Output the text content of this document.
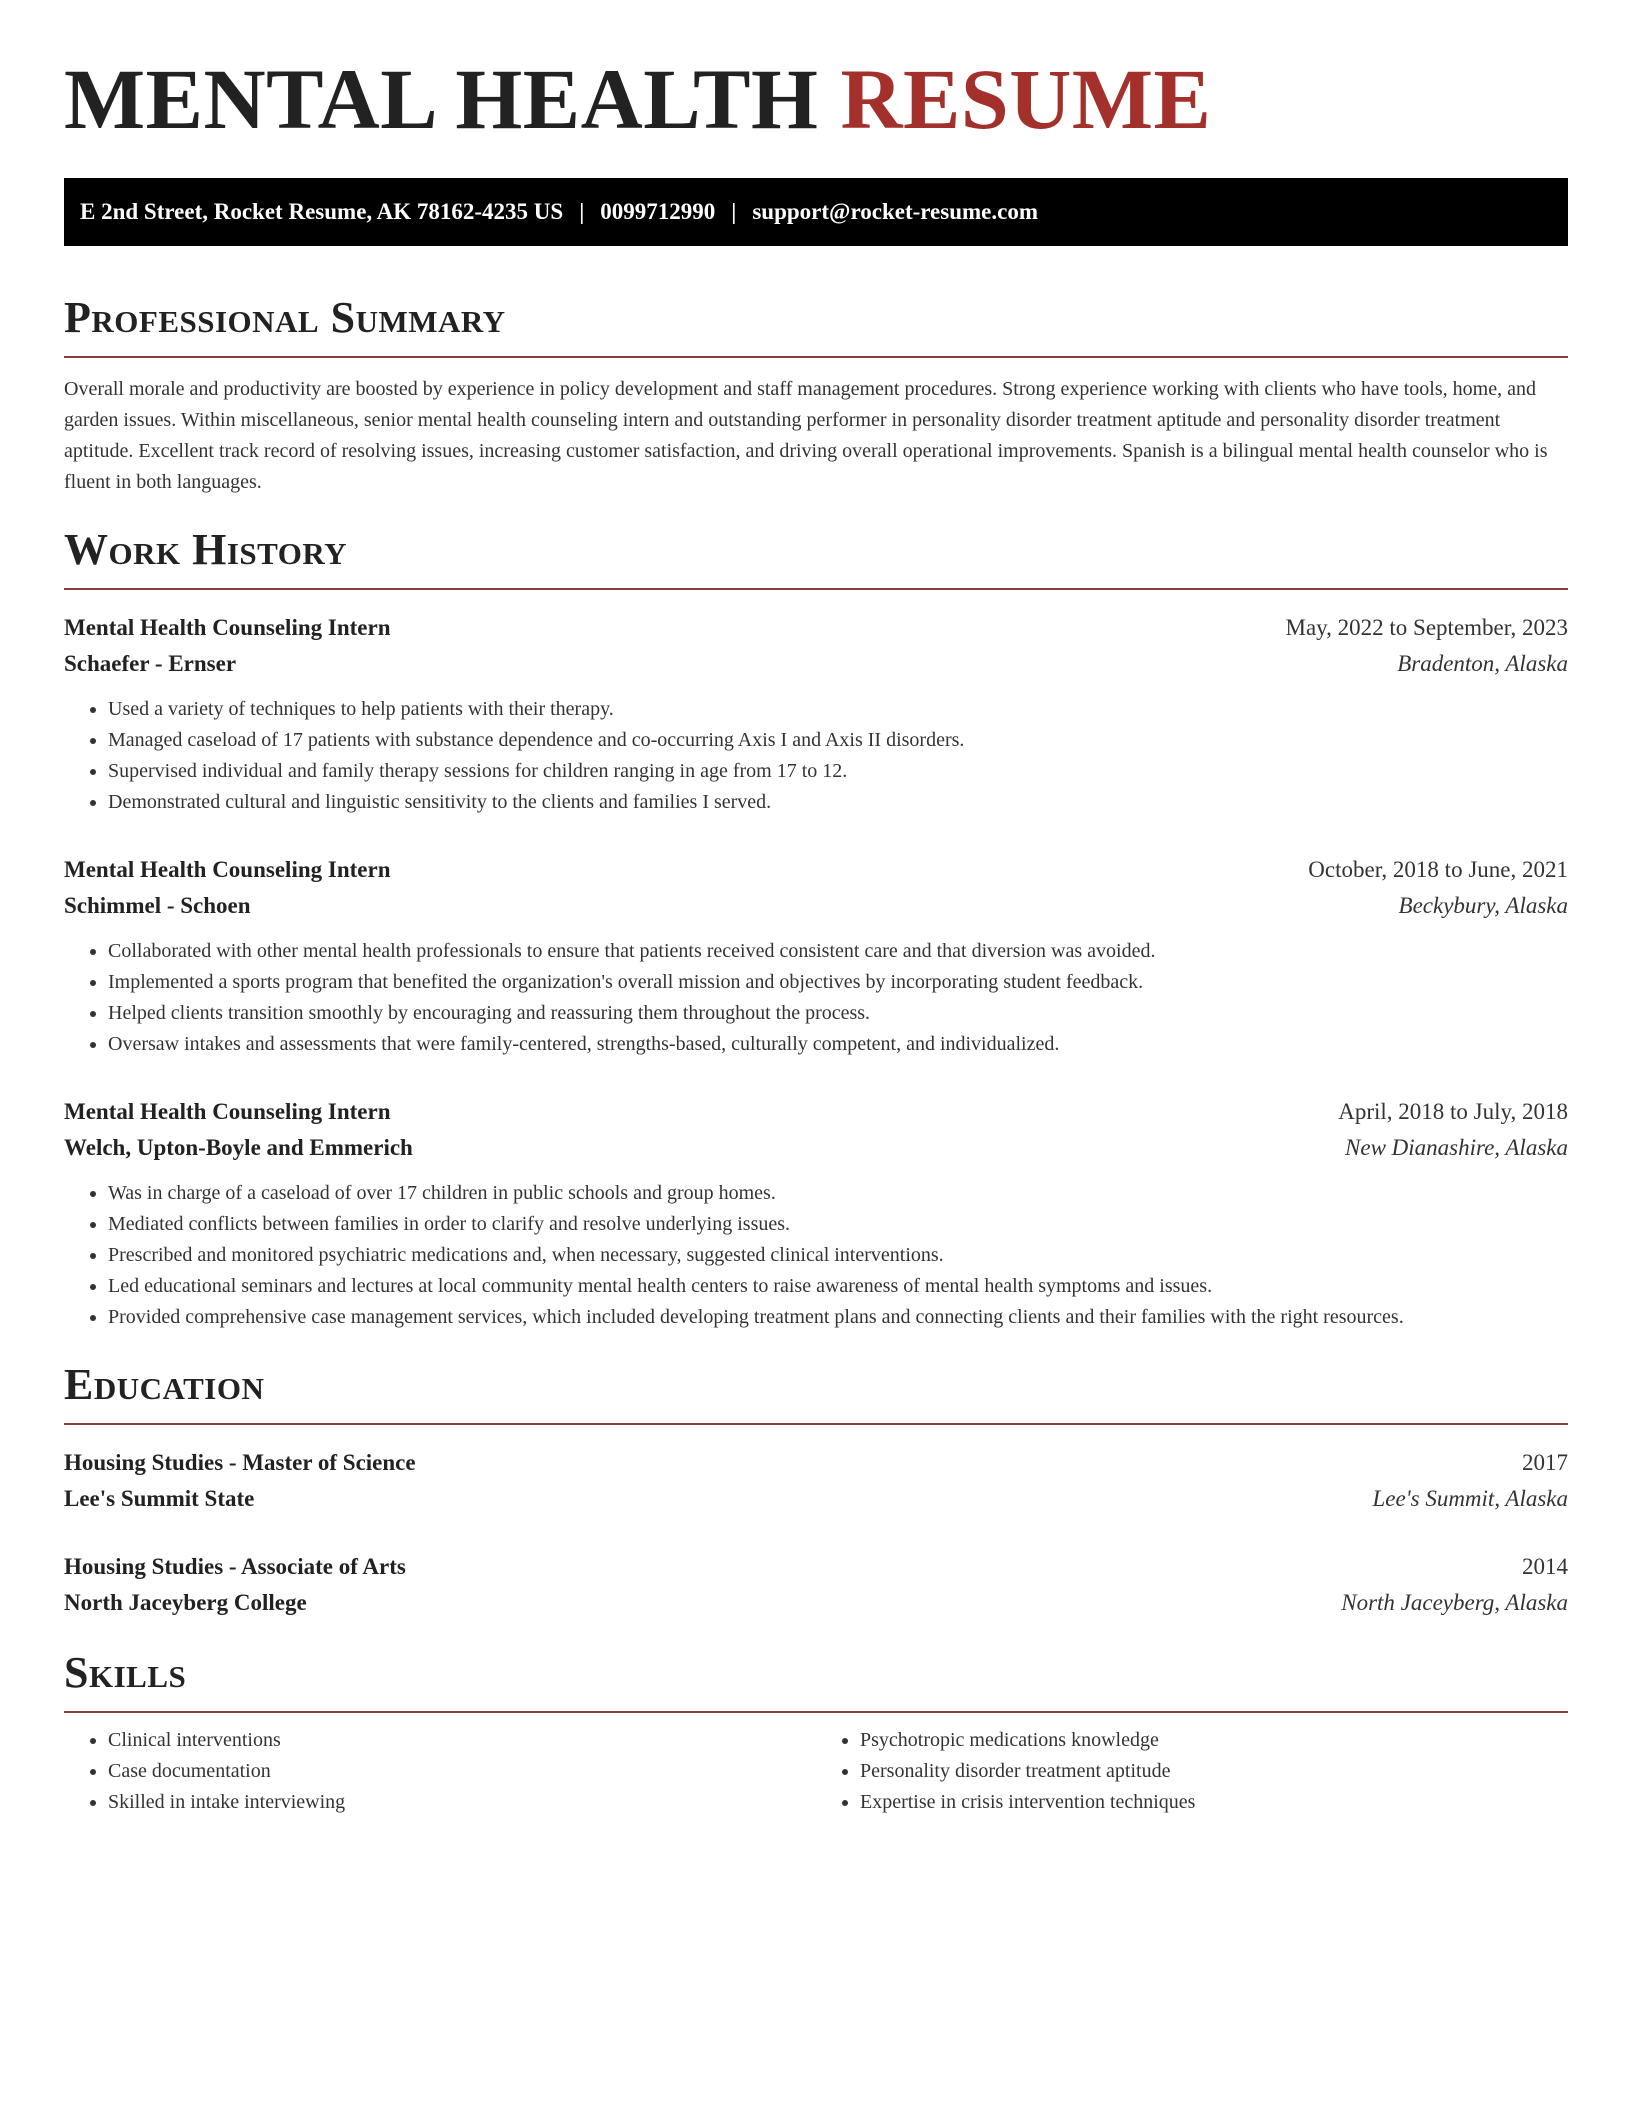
MENTAL HEALTH RESUME
E 2nd Street, Rocket Resume, AK 78162-4235 US | 0099712990 | support@rocket-resume.com
Professional Summary

Overall morale and productivity are boosted by experience in policy development and staff management procedures. Strong experience working with clients who have tools, home, and garden issues. Within miscellaneous, senior mental health counseling intern and outstanding performer in personality disorder treatment aptitude and personality disorder treatment aptitude. Excellent track record of resolving issues, increasing customer satisfaction, and driving overall operational improvements. Spanish is a bilingual mental health counselor who is fluent in both languages.

Work History
Mental Health Counseling Intern	May, 2022 to September, 2023
Schaefer - Ernser	Bradenton, Alaska
• Used a variety of techniques to help patients with their therapy.
• Managed caseload of 17 patients with substance dependence and co-occurring Axis I and Axis II disorders.
• Supervised individual and family therapy sessions for children ranging in age from 17 to 12.
• Demonstrated cultural and linguistic sensitivity to the clients and families I served.
Mental Health Counseling Intern	October, 2018 to June, 2021
Schimmel - Schoen	Beckybury, Alaska
• Collaborated with other mental health professionals to ensure that patients received consistent care and that diversion was avoided.
• Implemented a sports program that benefited the organization's overall mission and objectives by incorporating student feedback.
• Helped clients transition smoothly by encouraging and reassuring them throughout the process.
• Oversaw intakes and assessments that were family-centered, strengths-based, culturally competent, and individualized.
Mental Health Counseling Intern	April, 2018 to July, 2018
Welch, Upton-Boyle and Emmerich	New Dianashire, Alaska
• Was in charge of a caseload of over 17 children in public schools and group homes.
• Mediated conflicts between families in order to clarify and resolve underlying issues.
• Prescribed and monitored psychiatric medications and, when necessary, suggested clinical interventions.
• Led educational seminars and lectures at local community mental health centers to raise awareness of mental health symptoms and issues.
• Provided comprehensive case management services, which included developing treatment plans and connecting clients and their families with the right resources.
Education
Housing Studies - Master of Science	2017
Lee's Summit State	Lee's Summit, Alaska
Housing Studies - Associate of Arts	2014
North Jaceyberg College	North Jaceyberg, Alaska
Skills
• Clinical interventions
• Case documentation
• Skilled in intake interviewing
• Psychotropic medications knowledge
• Personality disorder treatment aptitude
• Expertise in crisis intervention techniques
